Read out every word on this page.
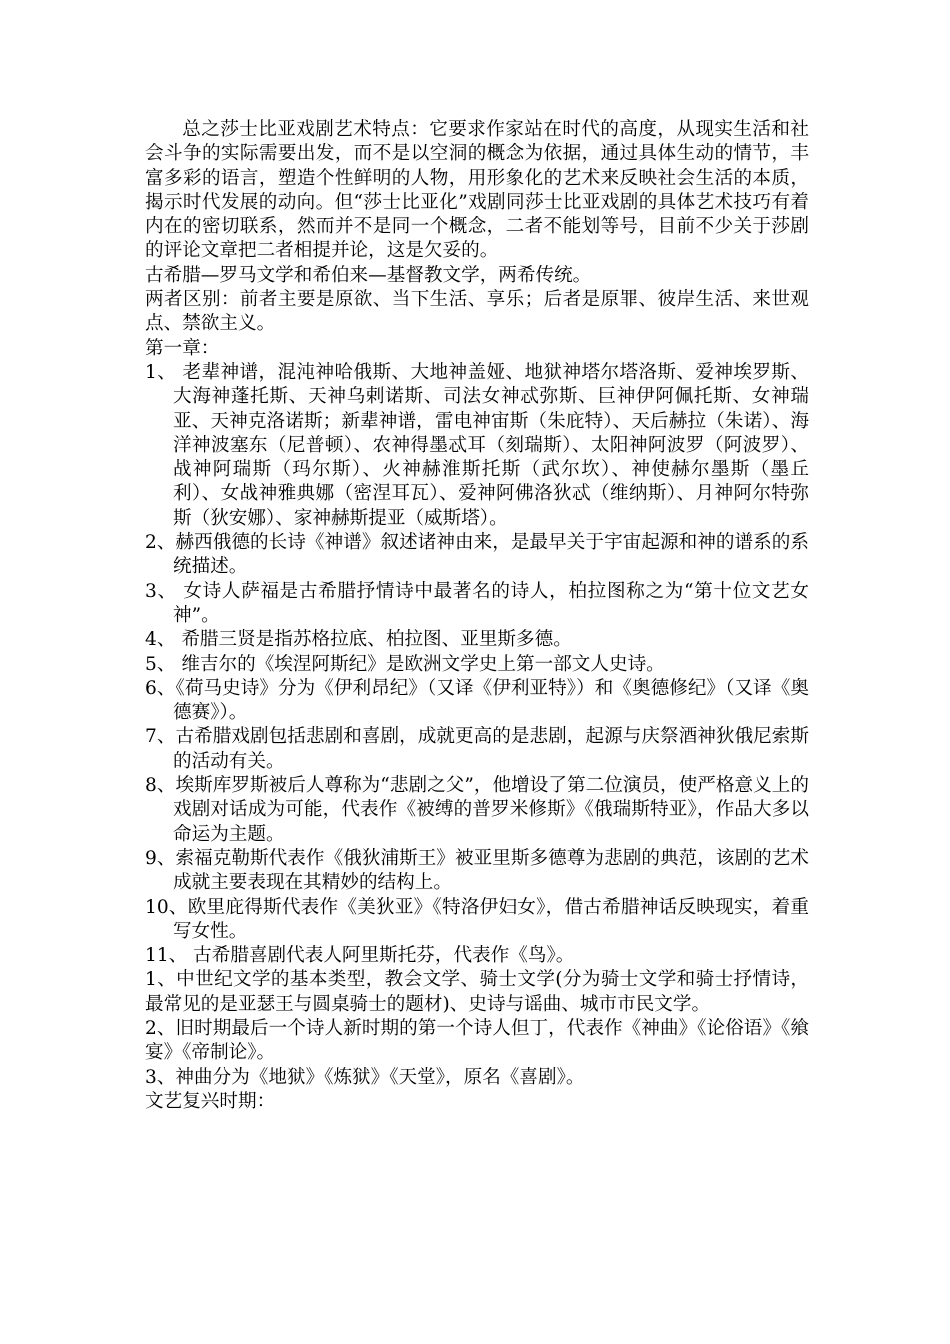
总之莎士比亚戏剧艺术特点：它要求作家站在时代的高度，从现实生活和社会斗争的实际需要出发，而不是以空洞的概念为依据，通过具体生动的情节，丰富多彩的语言，塑造个性鲜明的人物，用形象化的艺术来反映社会生活的本质，揭示时代发展的动向。但“莎士比亚化”戏剧同莎士比亚戏剧的具体艺术技巧有着内在的密切联系，然而并不是同一个概念，二者不能划等号，目前不少关于莎剧的评论文章把二者相提并论，这是欠妥的。

古希腊—罗马文学和希伯来—基督教文学，两希传统。

两者区别：前者主要是原欲、当下生活、享乐；后者是原罪、彼岸生活、来世观点、禁欲主义。

第一章：

1、 老辈神谱，混沌神哈俄斯、大地神盖娅、地狱神塔尔塔洛斯、爱神埃罗斯、大海神蓬托斯、天神乌剌诺斯、司法女神忒弥斯、巨神伊阿佩托斯、女神瑞亚、天神克洛诺斯；新辈神谱，雷电神宙斯（朱庇特）、天后赫拉（朱诺）、海洋神波塞东（尼普顿）、农神得墨忒耳（刻瑞斯）、太阳神阿波罗（阿波罗）、战神阿瑞斯（玛尔斯）、火神赫淮斯托斯（武尔坎）、神使赫尔墨斯（墨丘利）、女战神雅典娜（密涅耳瓦）、爱神阿佛洛狄忒（维纳斯）、月神阿尔特弥斯（狄安娜）、家神赫斯提亚（威斯塔）。

2、赫西俄德的长诗《神谱》叙述诸神由来，是最早关于宇宙起源和神的谱系的系统描述。

3、 女诗人萨福是古希腊抒情诗中最著名的诗人，柏拉图称之为“第十位文艺女神”。

4、 希腊三贤是指苏格拉底、柏拉图、亚里斯多德。

5、 维吉尔的《埃涅阿斯纪》是欧洲文学史上第一部文人史诗。

6、《荷马史诗》分为《伊利昂纪》（又译《伊利亚特》）和《奥德修纪》（又译《奥德赛》）。

7、古希腊戏剧包括悲剧和喜剧，成就更高的是悲剧，起源与庆祭酒神狄俄尼索斯的活动有关。

8、埃斯库罗斯被后人尊称为“悲剧之父”，他增设了第二位演员，使严格意义上的戏剧对话成为可能，代表作《被缚的普罗米修斯》《俄瑞斯特亚》，作品大多以命运为主题。

9、索福克勒斯代表作《俄狄浦斯王》被亚里斯多德尊为悲剧的典范，该剧的艺术成就主要表现在其精妙的结构上。

10、欧里庇得斯代表作《美狄亚》《特洛伊妇女》，借古希腊神话反映现实，着重写女性。

11、 古希腊喜剧代表人阿里斯托芬，代表作《鸟》。

1、中世纪文学的基本类型，教会文学、骑士文学(分为骑士文学和骑士抒情诗，最常见的是亚瑟王与圆桌骑士的题材)、史诗与谣曲、城市市民文学。

2、旧时期最后一个诗人新时期的第一个诗人但丁，代表作《神曲》《论俗语》《飨宴》《帝制论》。

3、神曲分为《地狱》《炼狱》《天堂》，原名《喜剧》。

文艺复兴时期：
